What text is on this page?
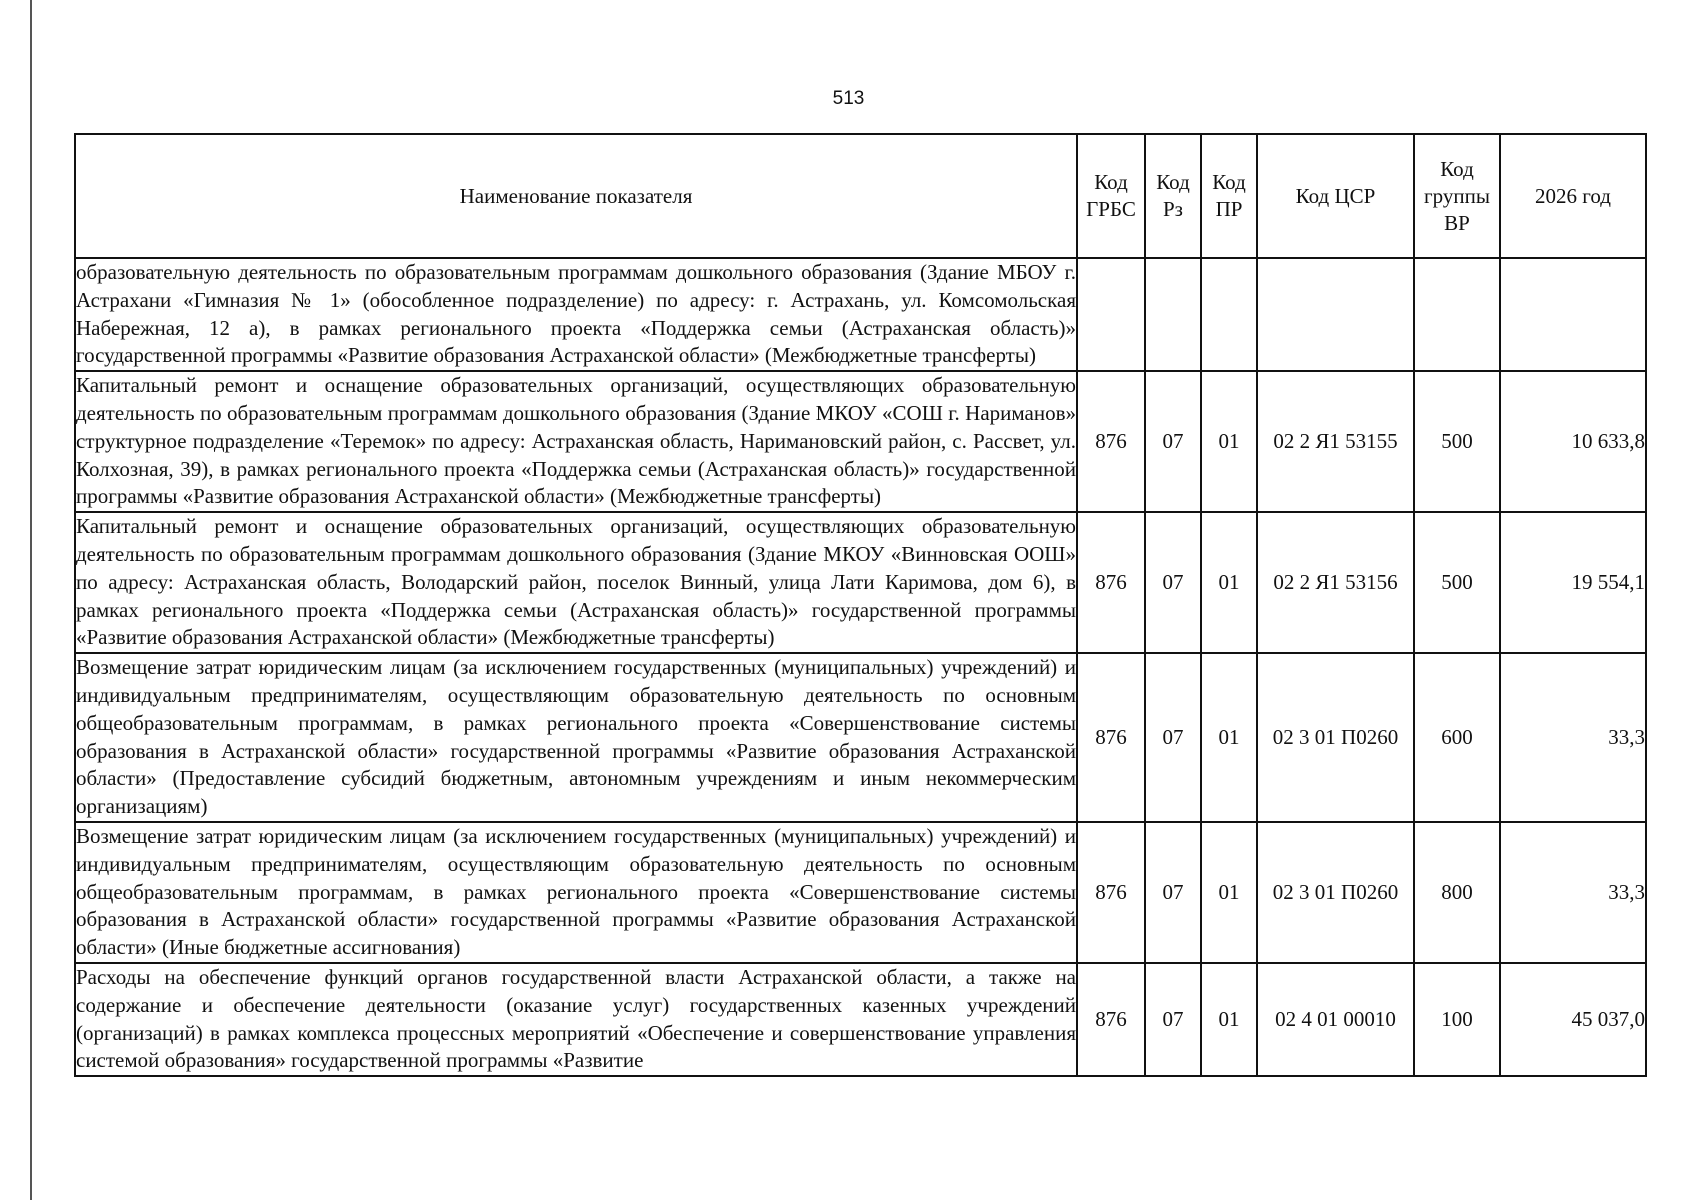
513
Наименование показателя	Код ГРБС	Код Рз	Код ПР	Код ЦСР	Код группы ВР	2026 год
образовательную деятельность по образовательным программам дошкольного образования (Здание МБОУ г. Астрахани «Гимназия № 1» (обособленное подразделение) по адресу: г. Астрахань, ул. Комсомольская Набережная, 12 а), в рамках регионального проекта «Поддержка семьи (Астраханская область)» государственной программы «Развитие образования Астраханской области» (Межбюджетные трансферты)						
Капитальный ремонт и оснащение образовательных организаций, осуществляющих образовательную деятельность по образовательным программам дошкольного образования (Здание МКОУ «СОШ г. Нариманов» структурное подразделение «Теремок» по адресу: Астраханская область, Наримановский район, с. Рассвет, ул. Колхозная, 39), в рамках регионального проекта «Поддержка семьи (Астраханская область)» государственной программы «Развитие образования Астраханской области» (Межбюджетные трансферты)	876	07	01	02 2 Я1 53155	500	10 633,8
Капитальный ремонт и оснащение образовательных организаций, осуществляющих образовательную деятельность по образовательным программам дошкольного образования (Здание МКОУ «Винновская ООШ» по адресу: Астраханская область, Володарский район, поселок Винный, улица Лати Каримова, дом 6), в рамках регионального проекта «Поддержка семьи (Астраханская область)» государственной программы «Развитие образования Астраханской области» (Межбюджетные трансферты)	876	07	01	02 2 Я1 53156	500	19 554,1
Возмещение затрат юридическим лицам (за исключением государственных (муниципальных) учреждений) и индивидуальным предпринимателям, осуществляющим образовательную деятельность по основным общеобразовательным программам, в рамках регионального проекта «Совершенствование системы образования в Астраханской области» государственной программы «Развитие образования Астраханской области» (Предоставление субсидий бюджетным, автономным учреждениям и иным некоммерческим организациям)	876	07	01	02 3 01 П0260	600	33,3
Возмещение затрат юридическим лицам (за исключением государственных (муниципальных) учреждений) и индивидуальным предпринимателям, осуществляющим образовательную деятельность по основным общеобразовательным программам, в рамках регионального проекта «Совершенствование системы образования в Астраханской области» государственной программы «Развитие образования Астраханской области» (Иные бюджетные ассигнования)	876	07	01	02 3 01 П0260	800	33,3
Расходы на обеспечение функций органов государственной власти Астраханской области, а также на содержание и обеспечение деятельности (оказание услуг) государственных казенных учреждений (организаций) в рамках комплекса процессных мероприятий «Обеспечение и совершенствование управления системой образования» государственной программы «Развитие	876	07	01	02 4 01 00010	100	45 037,0
